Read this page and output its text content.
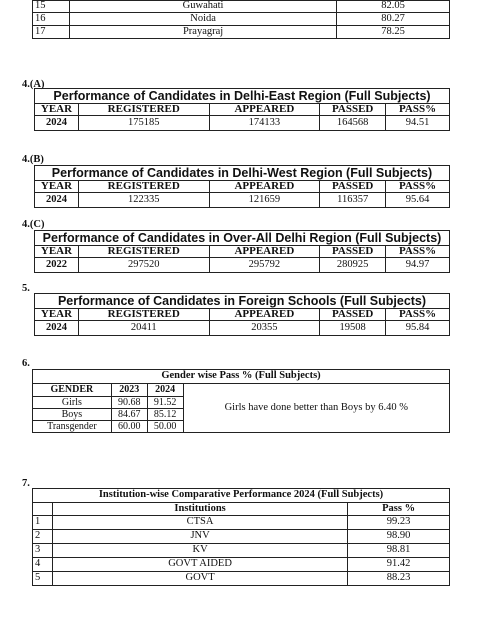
15	Guwahati	82.05
16	Noida	80.27
17	Prayagraj	78.25
4.(A)
Performance of Candidates in Delhi-East Region (Full Subjects)				
YEAR	REGISTERED	APPEARED	PASSED	PASS%
2024	175185	174133	164568	94.51
4.(B)
Performance of Candidates in Delhi-West Region (Full Subjects)				
YEAR	REGISTERED	APPEARED	PASSED	PASS%
2024	122335	121659	116357	95.64
4.(C)
Performance of Candidates in Over-All Delhi Region (Full Subjects)				
YEAR	REGISTERED	APPEARED	PASSED	PASS%
2022	297520	295792	280925	94.97
5.
Performance of Candidates in Foreign Schools (Full Subjects)				
YEAR	REGISTERED	APPEARED	PASSED	PASS%
2024	20411	20355	19508	95.84
6.
Gender wise Pass % (Full Subjects)			
GENDER	2023	2024	Girls have done better than Boys by 6.40 %
Girls	90.68	91.52	
Boys	84.67	85.12	
Transgender	60.00	50.00	
7.
Institution-wise Comparative Performance 2024 (Full Subjects)		
	Institutions	Pass %
1	CTSA	99.23
2	JNV	98.90
3	KV	98.81
4	GOVT AIDED	91.42
5	GOVT	88.23
